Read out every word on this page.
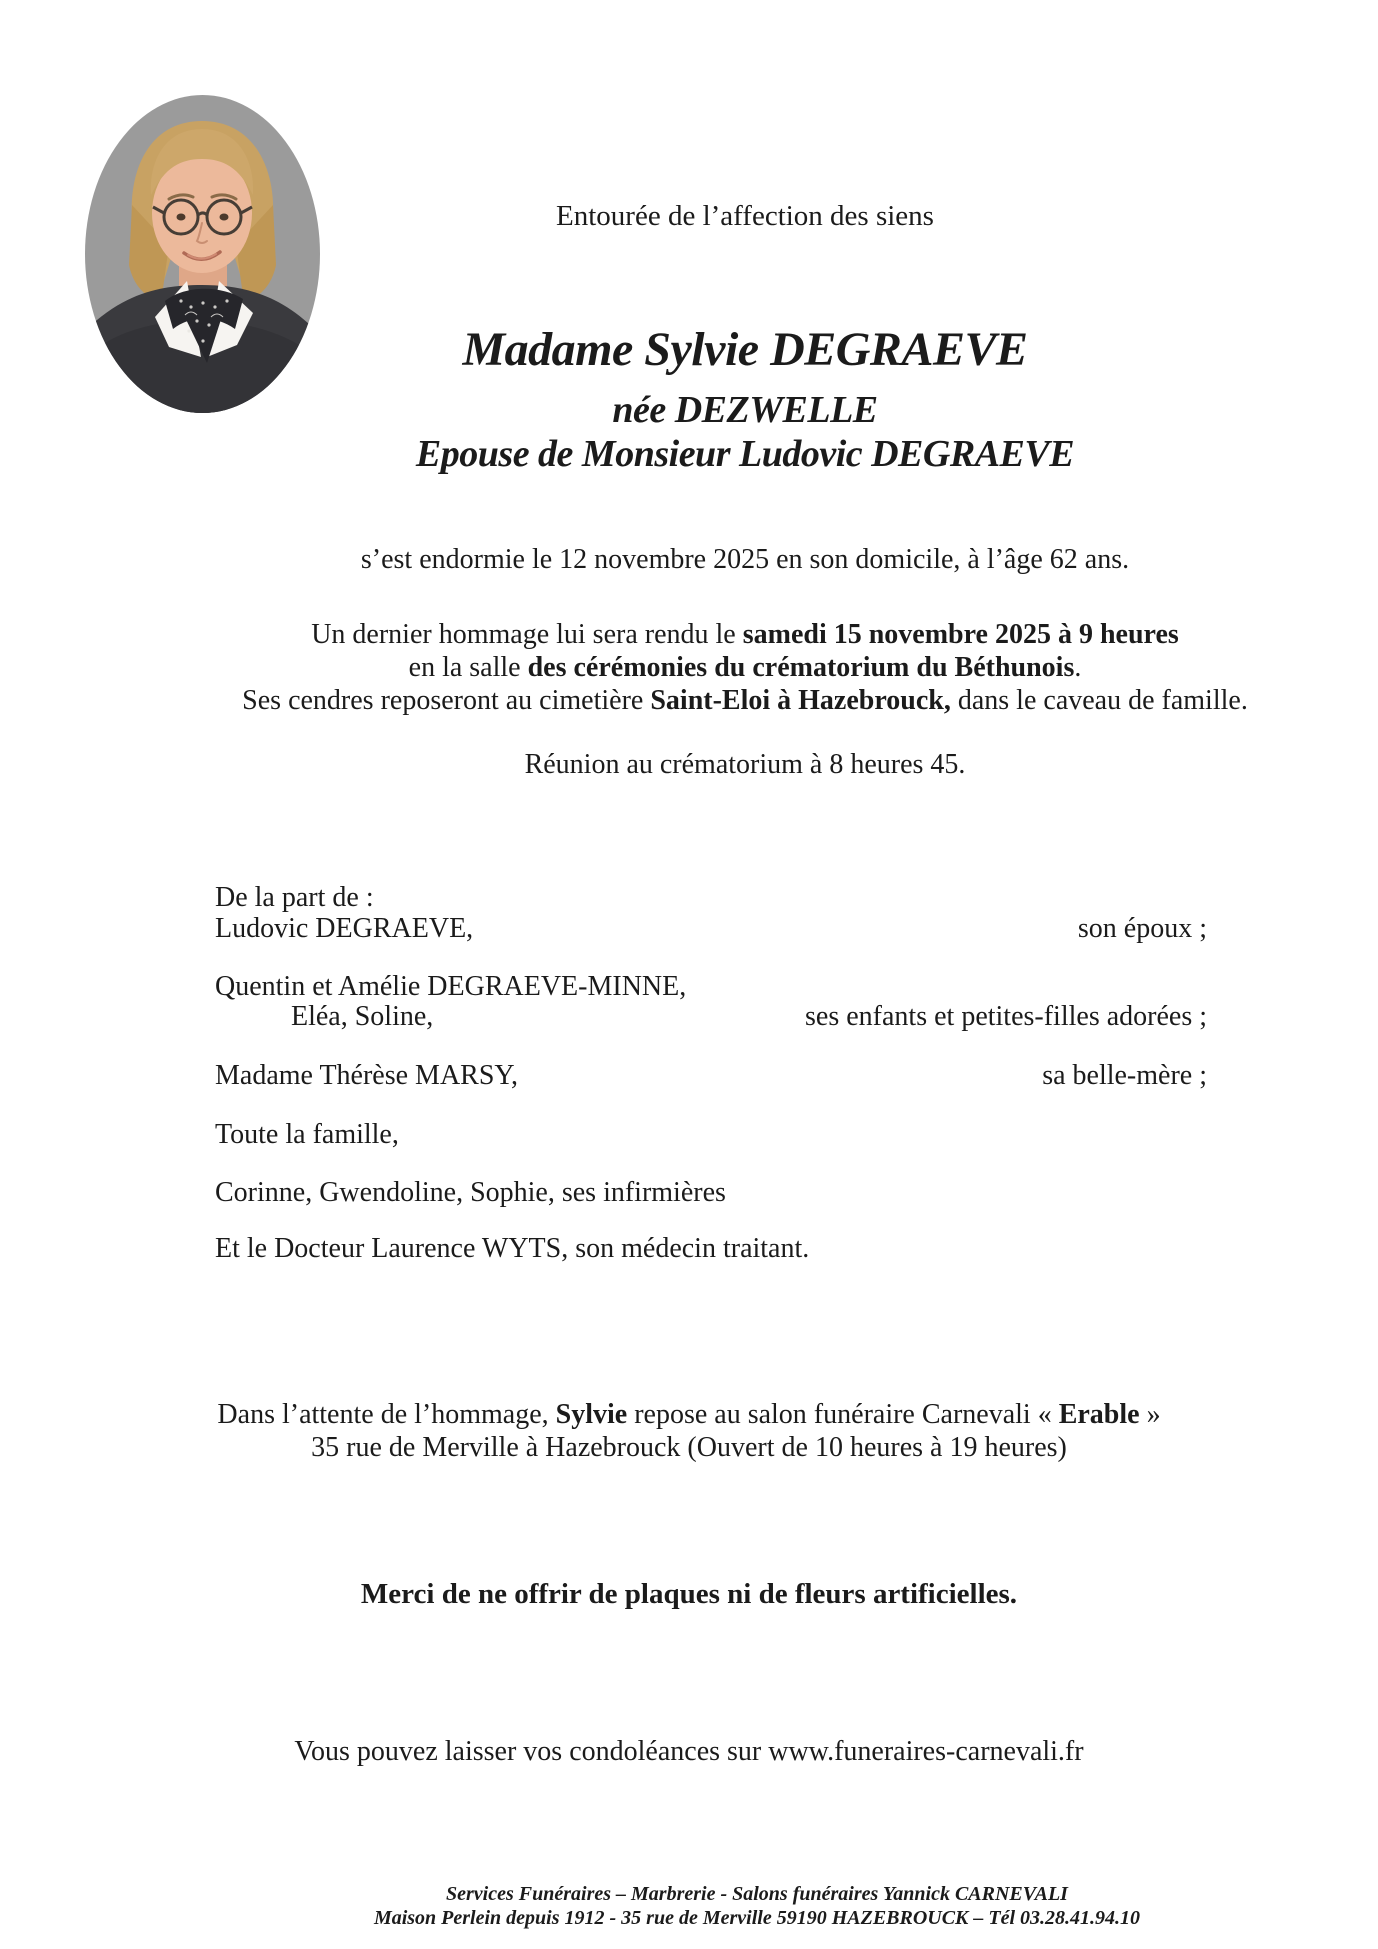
Entourée de l’affection des siens
Madame Sylvie DEGRAEVE
née DEZWELLE
Epouse de Monsieur Ludovic DEGRAEVE
s’est endormie le 12 novembre 2025 en son domicile, à l’âge 62 ans.
Un dernier hommage lui sera rendu le samedi 15 novembre 2025 à 9 heures
en la salle des cérémonies du crématorium du Béthunois.
Ses cendres reposeront au cimetière Saint-Eloi à Hazebrouck, dans le caveau de famille.
Réunion au crématorium à 8 heures 45.
De la part de :
Ludovic DEGRAEVE,	son époux ;
Quentin et Amélie DEGRAEVE-MINNE,
Eléa, Soline,	ses enfants et petites-filles adorées ;
Madame Thérèse MARSY,	sa belle-mère ;
Toute la famille,
Corinne, Gwendoline, Sophie, ses infirmières
Et le Docteur Laurence WYTS, son médecin traitant.
Dans l’attente de l’hommage, Sylvie repose au salon funéraire Carnevali « Erable »
35 rue de Merville à Hazebrouck (Ouvert de 10 heures à 19 heures)
Merci de ne offrir de plaques ni de fleurs artificielles.
Vous pouvez laisser vos condoléances sur www.funeraires-carnevali.fr
Services Funéraires – Marbrerie - Salons funéraires Yannick CARNEVALI
Maison Perlein depuis 1912 - 35 rue de Merville 59190 HAZEBROUCK – Tél 03.28.41.94.10
